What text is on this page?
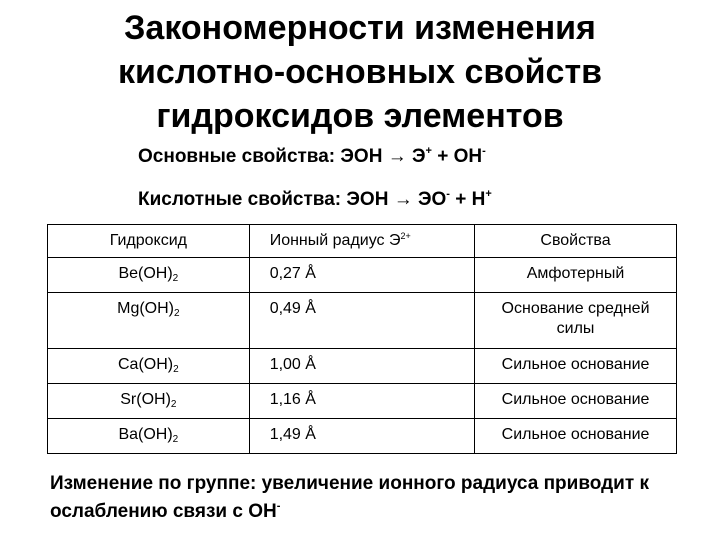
Закономерности изменения
кислотно-основных свойств
гидроксидов элементов
Основные свойства: ЭОН → Э+ + ОН-
Кислотные свойства: ЭОН → ЭО- + Н+
Гидроксид	Ионный радиус $Э^{2+}$	Свойства
$Be(OH)_2$	0,27 Å	Амфотерный
$Mg(OH)_2$	0,49 Å	Основание средней силы
$Ca(OH)_2$	1,00 Å	Сильное основание
$Sr(OH)_2$	1,16 Å	Сильное основание
$Ba(OH)_2$	1,49 Å	Сильное основание
Изменение по группе: увеличение ионного радиуса приводит к ослаблению связи с ОН-
